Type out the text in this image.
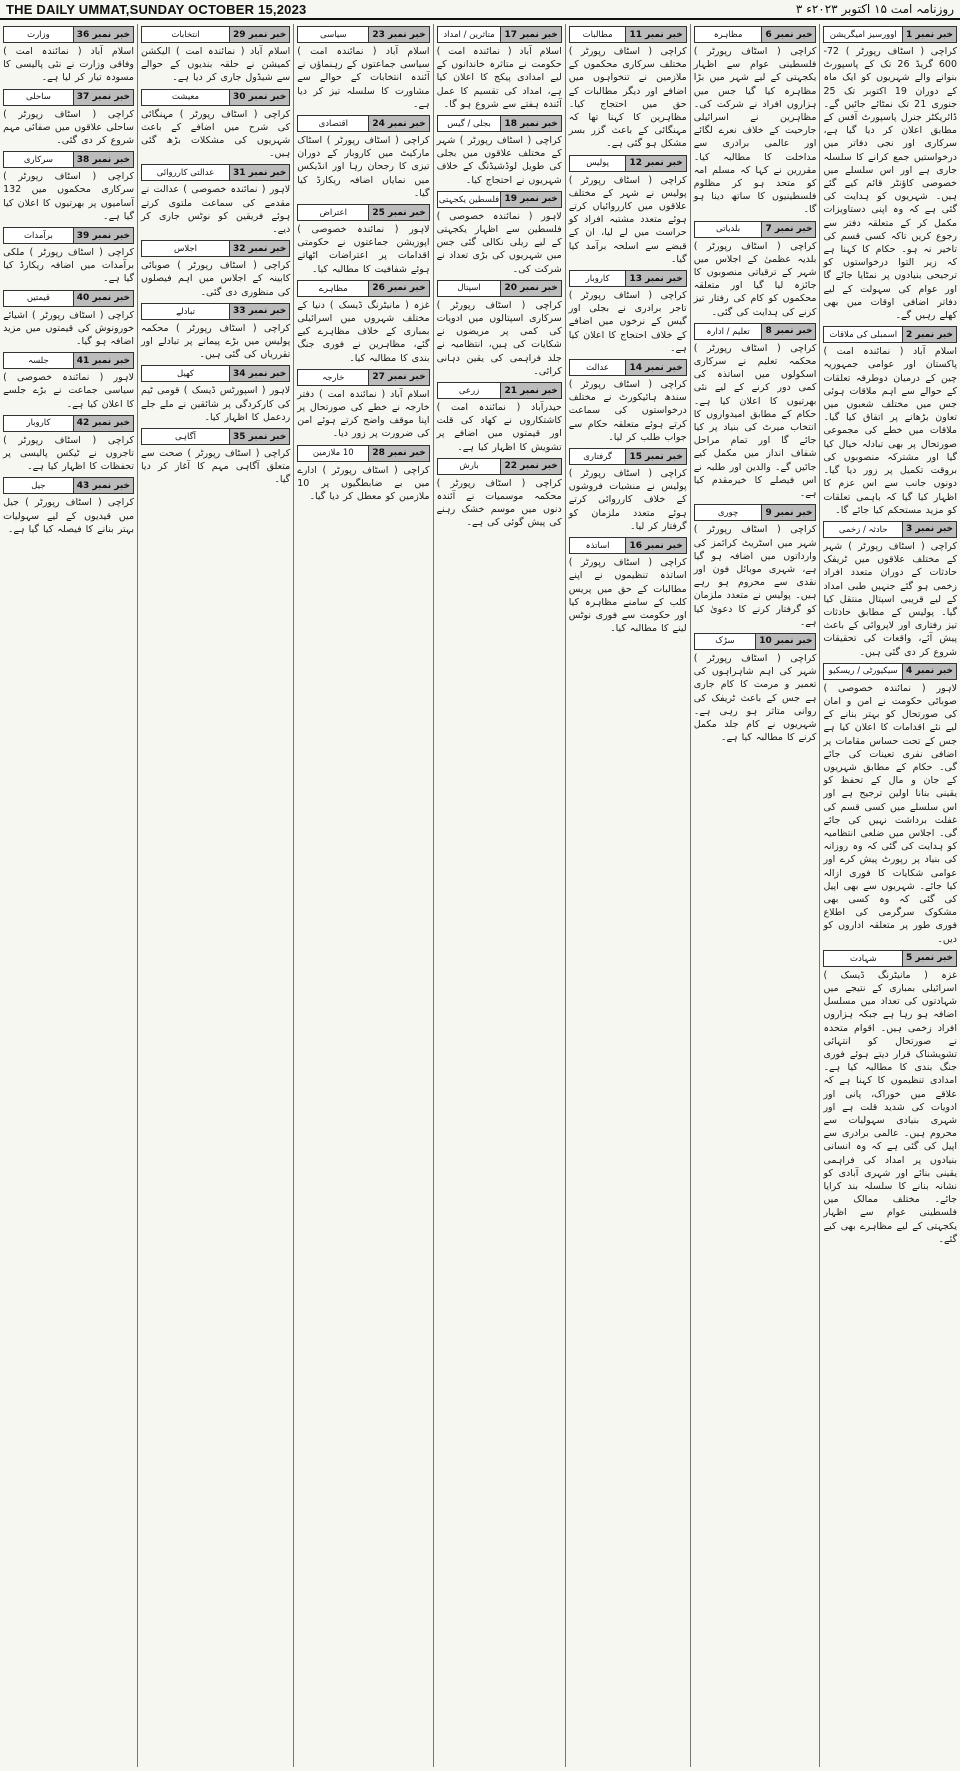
THE DAILY UMMAT,SUNDAY OCTOBER 15,2023	روزنامہ امت ۱۵ اکتوبر ۲۰۲۳ء ۳
خبر نمبر 1
اوورسیز امیگریشن
کراچی ( اسٹاف رپورٹر ) 72-600 گریڈ 26 تک کے پاسپورٹ بنوانے والے شہریوں کو ایک ماہ کے دوران 19 اکتوبر تک 25 جنوری 21 تک نمٹائے جائیں گے۔ ڈائریکٹر جنرل پاسپورٹ آفس کے مطابق اعلان کر دیا گیا ہے، سرکاری اور نجی دفاتر میں درخواستیں جمع کرانے کا سلسلہ جاری ہے اور اس سلسلے میں خصوصی کاؤنٹر قائم کیے گئے ہیں۔ شہریوں کو ہدایت کی گئی ہے کہ وہ اپنی دستاویزات مکمل کر کے متعلقہ دفتر سے رجوع کریں تاکہ کسی قسم کی تاخیر نہ ہو۔ حکام کا کہنا ہے کہ زیر التوا درخواستوں کو ترجیحی بنیادوں پر نمٹایا جائے گا اور عوام کی سہولت کے لیے دفاتر اضافی اوقات میں بھی کھلے رہیں گے۔
خبر نمبر 2
اسمبلی کی ملاقات
اسلام آباد ( نمائندہ امت ) پاکستان اور عوامی جمہوریہ چین کے درمیان دوطرفہ تعلقات کے حوالے سے اہم ملاقات ہوئی جس میں مختلف شعبوں میں تعاون بڑھانے پر اتفاق کیا گیا۔ ملاقات میں خطے کی مجموعی صورتحال پر بھی تبادلہ خیال کیا گیا اور مشترکہ منصوبوں کی بروقت تکمیل پر زور دیا گیا۔ دونوں جانب سے اس عزم کا اظہار کیا گیا کہ باہمی تعلقات کو مزید مستحکم کیا جائے گا۔
خبر نمبر 3
حادثہ / زخمی
کراچی ( اسٹاف رپورٹر ) شہر کے مختلف علاقوں میں ٹریفک حادثات کے دوران متعدد افراد زخمی ہو گئے جنہیں طبی امداد کے لیے قریبی اسپتال منتقل کیا گیا۔ پولیس کے مطابق حادثات تیز رفتاری اور لاپروائی کے باعث پیش آئے، واقعات کی تحقیقات شروع کر دی گئی ہیں۔
خبر نمبر 4
سیکیورٹی / ریسکیو
لاہور ( نمائندہ خصوصی ) صوبائی حکومت نے امن و امان کی صورتحال کو بہتر بنانے کے لیے نئے اقدامات کا اعلان کیا ہے جس کے تحت حساس مقامات پر اضافی نفری تعینات کی جائے گی۔ حکام کے مطابق شہریوں کے جان و مال کے تحفظ کو یقینی بنانا اولین ترجیح ہے اور اس سلسلے میں کسی قسم کی غفلت برداشت نہیں کی جائے گی۔ اجلاس میں ضلعی انتظامیہ کو ہدایت کی گئی کہ وہ روزانہ کی بنیاد پر رپورٹ پیش کرے اور عوامی شکایات کا فوری ازالہ کیا جائے۔ شہریوں سے بھی اپیل کی گئی کہ وہ کسی بھی مشکوک سرگرمی کی اطلاع فوری طور پر متعلقہ اداروں کو دیں۔
خبر نمبر 5
شہادت
غزہ ( مانیٹرنگ ڈیسک ) اسرائیلی بمباری کے نتیجے میں شہادتوں کی تعداد میں مسلسل اضافہ ہو رہا ہے جبکہ ہزاروں افراد زخمی ہیں۔ اقوام متحدہ نے صورتحال کو انتہائی تشویشناک قرار دیتے ہوئے فوری جنگ بندی کا مطالبہ کیا ہے۔ امدادی تنظیموں کا کہنا ہے کہ علاقے میں خوراک، پانی اور ادویات کی شدید قلت ہے اور شہری بنیادی سہولیات سے محروم ہیں۔ عالمی برادری سے اپیل کی گئی ہے کہ وہ انسانی بنیادوں پر امداد کی فراہمی یقینی بنائے اور شہری آبادی کو نشانہ بنانے کا سلسلہ بند کرایا جائے۔ مختلف ممالک میں فلسطینی عوام سے اظہار یکجہتی کے لیے مظاہرے بھی کیے گئے۔
خبر نمبر 6
مظاہرہ
کراچی ( اسٹاف رپورٹر ) فلسطینی عوام سے اظہار یکجہتی کے لیے شہر میں بڑا مظاہرہ کیا گیا جس میں ہزاروں افراد نے شرکت کی۔ مظاہرین نے اسرائیلی جارحیت کے خلاف نعرے لگائے اور عالمی برادری سے مداخلت کا مطالبہ کیا۔ مقررین نے کہا کہ مسلم امہ کو متحد ہو کر مظلوم فلسطینیوں کا ساتھ دینا ہو گا۔
خبر نمبر 7
بلدیاتی
کراچی ( اسٹاف رپورٹر ) بلدیہ عظمیٰ کے اجلاس میں شہر کے ترقیاتی منصوبوں کا جائزہ لیا گیا اور متعلقہ محکموں کو کام کی رفتار تیز کرنے کی ہدایت کی گئی۔
خبر نمبر 8
تعلیم / ادارہ
کراچی ( اسٹاف رپورٹر ) محکمہ تعلیم نے سرکاری اسکولوں میں اساتذہ کی کمی دور کرنے کے لیے نئی بھرتیوں کا اعلان کیا ہے۔ حکام کے مطابق امیدواروں کا انتخاب میرٹ کی بنیاد پر کیا جائے گا اور تمام مراحل شفاف انداز میں مکمل کیے جائیں گے۔ والدین اور طلبہ نے اس فیصلے کا خیرمقدم کیا ہے۔
خبر نمبر 9
چوری
کراچی ( اسٹاف رپورٹر ) شہر میں اسٹریٹ کرائمز کی وارداتوں میں اضافہ ہو گیا ہے، شہری موبائل فون اور نقدی سے محروم ہو رہے ہیں۔ پولیس نے متعدد ملزمان کو گرفتار کرنے کا دعویٰ کیا ہے۔
خبر نمبر 10
سڑک
کراچی ( اسٹاف رپورٹر ) شہر کی اہم شاہراہوں کی تعمیر و مرمت کا کام جاری ہے جس کے باعث ٹریفک کی روانی متاثر ہو رہی ہے۔ شہریوں نے کام جلد مکمل کرنے کا مطالبہ کیا ہے۔
خبر نمبر 11
مطالبات
کراچی ( اسٹاف رپورٹر ) مختلف سرکاری محکموں کے ملازمین نے تنخواہوں میں اضافے اور دیگر مطالبات کے حق میں احتجاج کیا۔ مظاہرین کا کہنا تھا کہ مہنگائی کے باعث گزر بسر مشکل ہو گئی ہے۔
خبر نمبر 12
پولیس
کراچی ( اسٹاف رپورٹر ) پولیس نے شہر کے مختلف علاقوں میں کارروائیاں کرتے ہوئے متعدد مشتبہ افراد کو حراست میں لے لیا، ان کے قبضے سے اسلحہ برآمد کیا گیا۔
خبر نمبر 13
کاروبار
کراچی ( اسٹاف رپورٹر ) تاجر برادری نے بجلی اور گیس کے نرخوں میں اضافے کے خلاف احتجاج کا اعلان کیا ہے۔
خبر نمبر 14
عدالت
کراچی ( اسٹاف رپورٹر ) سندھ ہائیکورٹ نے مختلف درخواستوں کی سماعت کرتے ہوئے متعلقہ حکام سے جواب طلب کر لیا۔
خبر نمبر 15
گرفتاری
کراچی ( اسٹاف رپورٹر ) پولیس نے منشیات فروشوں کے خلاف کارروائی کرتے ہوئے متعدد ملزمان کو گرفتار کر لیا۔
خبر نمبر 16
اساتذہ
کراچی ( اسٹاف رپورٹر ) اساتذہ تنظیموں نے اپنے مطالبات کے حق میں پریس کلب کے سامنے مظاہرہ کیا اور حکومت سے فوری نوٹس لینے کا مطالبہ کیا۔
خبر نمبر 17
متاثرین / امداد
اسلام آباد ( نمائندہ امت ) حکومت نے متاثرہ خاندانوں کے لیے امدادی پیکج کا اعلان کیا ہے، امداد کی تقسیم کا عمل آئندہ ہفتے سے شروع ہو گا۔
خبر نمبر 18
بجلی / گیس
کراچی ( اسٹاف رپورٹر ) شہر کے مختلف علاقوں میں بجلی کی طویل لوڈشیڈنگ کے خلاف شہریوں نے احتجاج کیا۔
خبر نمبر 19
فلسطین یکجہتی
لاہور ( نمائندہ خصوصی ) فلسطین سے اظہار یکجہتی کے لیے ریلی نکالی گئی جس میں شہریوں کی بڑی تعداد نے شرکت کی۔
خبر نمبر 20
اسپتال
کراچی ( اسٹاف رپورٹر ) سرکاری اسپتالوں میں ادویات کی کمی پر مریضوں نے شکایات کی ہیں، انتظامیہ نے جلد فراہمی کی یقین دہانی کرائی۔
خبر نمبر 21
زرعی
حیدرآباد ( نمائندہ امت ) کاشتکاروں نے کھاد کی قلت اور قیمتوں میں اضافے پر تشویش کا اظہار کیا ہے۔
خبر نمبر 22
بارش
کراچی ( اسٹاف رپورٹر ) محکمہ موسمیات نے آئندہ دنوں میں موسم خشک رہنے کی پیش گوئی کی ہے۔
خبر نمبر 23
سیاسی
اسلام آباد ( نمائندہ امت ) سیاسی جماعتوں کے رہنماؤں نے آئندہ انتخابات کے حوالے سے مشاورت کا سلسلہ تیز کر دیا ہے۔
خبر نمبر 24
اقتصادی
کراچی ( اسٹاف رپورٹر ) اسٹاک مارکیٹ میں کاروبار کے دوران تیزی کا رجحان رہا اور انڈیکس میں نمایاں اضافہ ریکارڈ کیا گیا۔
خبر نمبر 25
اعتراض
لاہور ( نمائندہ خصوصی ) اپوزیشن جماعتوں نے حکومتی اقدامات پر اعتراضات اٹھاتے ہوئے شفافیت کا مطالبہ کیا۔
خبر نمبر 26
مظاہرے
غزہ ( مانیٹرنگ ڈیسک ) دنیا کے مختلف شہروں میں اسرائیلی بمباری کے خلاف مظاہرے کیے گئے، مظاہرین نے فوری جنگ بندی کا مطالبہ کیا۔
خبر نمبر 27
خارجہ
اسلام آباد ( نمائندہ امت ) دفتر خارجہ نے خطے کی صورتحال پر اپنا موقف واضح کرتے ہوئے امن کی ضرورت پر زور دیا۔
خبر نمبر 28
10 ملازمین
کراچی ( اسٹاف رپورٹر ) ادارے میں بے ضابطگیوں پر 10 ملازمین کو معطل کر دیا گیا۔
خبر نمبر 29
انتخابات
اسلام آباد ( نمائندہ امت ) الیکشن کمیشن نے حلقہ بندیوں کے حوالے سے شیڈول جاری کر دیا ہے۔
خبر نمبر 30
معیشت
کراچی ( اسٹاف رپورٹر ) مہنگائی کی شرح میں اضافے کے باعث شہریوں کی مشکلات بڑھ گئی ہیں۔
خبر نمبر 31
عدالتی کارروائی
لاہور ( نمائندہ خصوصی ) عدالت نے مقدمے کی سماعت ملتوی کرتے ہوئے فریقین کو نوٹس جاری کر دیے۔
خبر نمبر 32
اجلاس
کراچی ( اسٹاف رپورٹر ) صوبائی کابینہ کے اجلاس میں اہم فیصلوں کی منظوری دی گئی۔
خبر نمبر 33
تبادلے
کراچی ( اسٹاف رپورٹر ) محکمہ پولیس میں بڑے پیمانے پر تبادلے اور تقرریاں کی گئی ہیں۔
خبر نمبر 34
کھیل
لاہور ( اسپورٹس ڈیسک ) قومی ٹیم کی کارکردگی پر شائقین نے ملے جلے ردعمل کا اظہار کیا۔
خبر نمبر 35
آگاہی
کراچی ( اسٹاف رپورٹر ) صحت سے متعلق آگاہی مہم کا آغاز کر دیا گیا۔
خبر نمبر 36
وزارت
اسلام آباد ( نمائندہ امت ) وفاقی وزارت نے نئی پالیسی کا مسودہ تیار کر لیا ہے۔
خبر نمبر 37
ساحلی
کراچی ( اسٹاف رپورٹر ) ساحلی علاقوں میں صفائی مہم شروع کر دی گئی۔
خبر نمبر 38
سرکاری
کراچی ( اسٹاف رپورٹر ) سرکاری محکموں میں 132 آسامیوں پر بھرتیوں کا اعلان کیا گیا ہے۔
خبر نمبر 39
برآمدات
کراچی ( اسٹاف رپورٹر ) ملکی برآمدات میں اضافہ ریکارڈ کیا گیا ہے۔
خبر نمبر 40
قیمتیں
کراچی ( اسٹاف رپورٹر ) اشیائے خورونوش کی قیمتوں میں مزید اضافہ ہو گیا۔
خبر نمبر 41
جلسہ
لاہور ( نمائندہ خصوصی ) سیاسی جماعت نے بڑے جلسے کا اعلان کیا ہے۔
خبر نمبر 42
کاروبار
کراچی ( اسٹاف رپورٹر ) تاجروں نے ٹیکس پالیسی پر تحفظات کا اظہار کیا ہے۔
خبر نمبر 43
جیل
کراچی ( اسٹاف رپورٹر ) جیل میں قیدیوں کے لیے سہولیات بہتر بنانے کا فیصلہ کیا گیا ہے۔
